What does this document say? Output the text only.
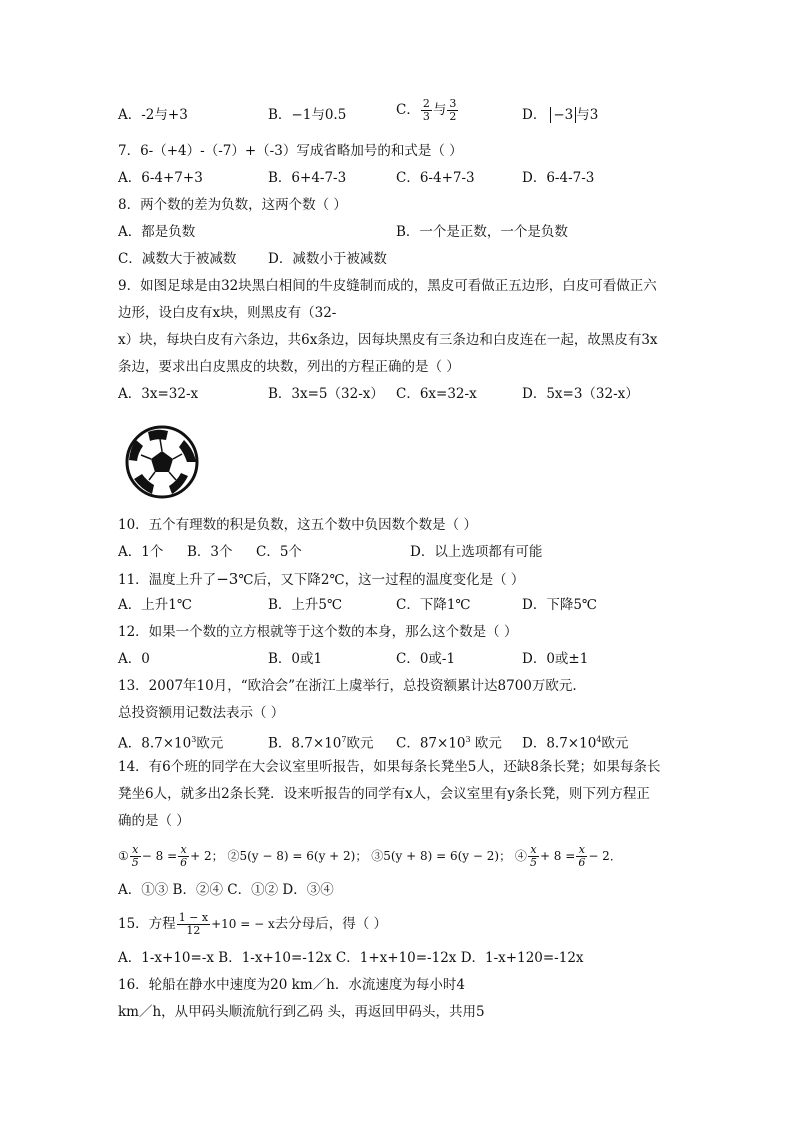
A．-2与+3	B．−1与0.5	C． $\frac{2}{3}$ 与 $\frac{3}{2}$	D． −3 与3
7．6-（+4）-（-7）+（-3）写成省略加号的和式是（ ）
A．6-4+7+3	B．6+4-7-3	C．6-4+7-3	D．6-4-7-3
8．两个数的差为负数，这两个数（ ）
A．都是负数	B．一个是正数，一个是负数
C．减数大于被减数 D．减数小于被减数
9．如图足球是由32块黑白相间的牛皮缝制而成的，黑皮可看做正五边形，白皮可看做正六
边形，设白皮有x块，则黑皮有（32-
x）块，每块白皮有六条边，共6x条边，因每块黑皮有三条边和白皮连在一起，故黑皮有3x
条边，要求出白皮黑皮的块数，列出的方程正确的是（ ）
A．3x=32-x	B．3x=5（32-x） C．6x=32-x	D．5x=3（32-x）
10．五个有理数的积是负数，这五个数中负因数个数是（ ）
A．1个 B．3个 C．5个	D．以上选项都有可能
11．温度上升了−3℃后，又下降2℃，这一过程的温度变化是（ ）
A．上升1℃	B．上升5℃	C．下降1℃	D．下降5℃
12．如果一个数的立方根就等于这个数的本身，那么这个数是（ ）
A．0	B．0或1	C．0或-1	D．0或±1
13．2007年10月，“欧洽会”在浙江上虞举行，总投资额累计达8700万欧元.
总投资额用记数法表示（ ）
A．$8.7\times 10^3$欧元	B．$8.7\times 10^7$欧元 C．$87\times 10^3$ 欧元 D．$8.7\times 10^4$欧元
14．有6个班的同学在大会议室里听报告，如果每条长凳坐5人，还缺8条长凳；如果每条长
凳坐6人，就多出2条长凳．设来听报告的同学有x人，会议室里有y条长凳，则下列方程正
确的是（ ）
① $\frac{x}{5} - 8 = \frac{x}{6} + 2$； ②5(y − 8) = 6(y + 2)； ③5(y + 8) = 6(y − 2)； ④ $\frac{x}{5} + 8 = \frac{x}{6} - 2$．
A．①③ B．②④ C．①② D．③④
15．方程 $\frac{1 - x}{12} +10$ = − x去分母后，得（ ）
A．1-x+10=-x B．1-x+10=-12x C．1+x+10=-12x D．1-x+120=-12x
16．轮船在静水中速度为20 km／h．水流速度为每小时4
km／h，从甲码头顺流航行到乙码 头，再返回甲码头，共用5
